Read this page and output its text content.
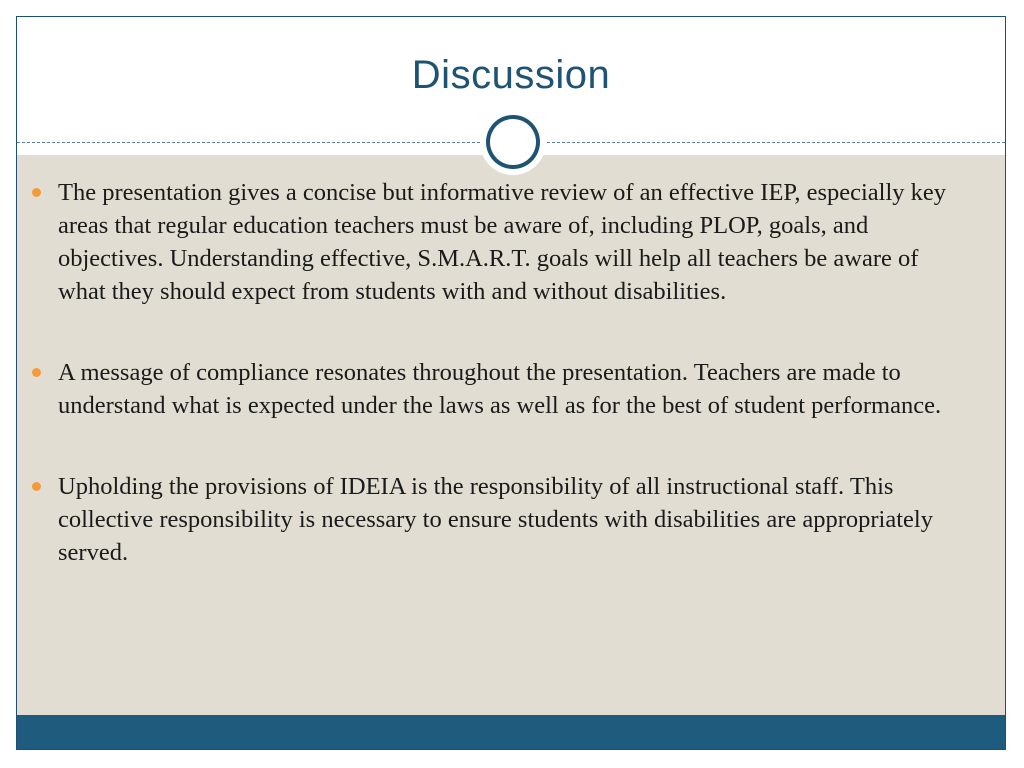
Discussion
The presentation gives a concise but informative review of an effective IEP, especially key areas that regular education teachers must be aware of, including PLOP, goals, and objectives. Understanding effective, S.M.A.R.T. goals will help all teachers be aware of what they should expect from students with and without disabilities.
A message of compliance resonates throughout the presentation. Teachers are made to understand what is expected under the laws as well as for the best of student performance.
Upholding the provisions of IDEIA is the responsibility of all instructional staff. This collective responsibility is necessary to ensure students with disabilities are appropriately served.
